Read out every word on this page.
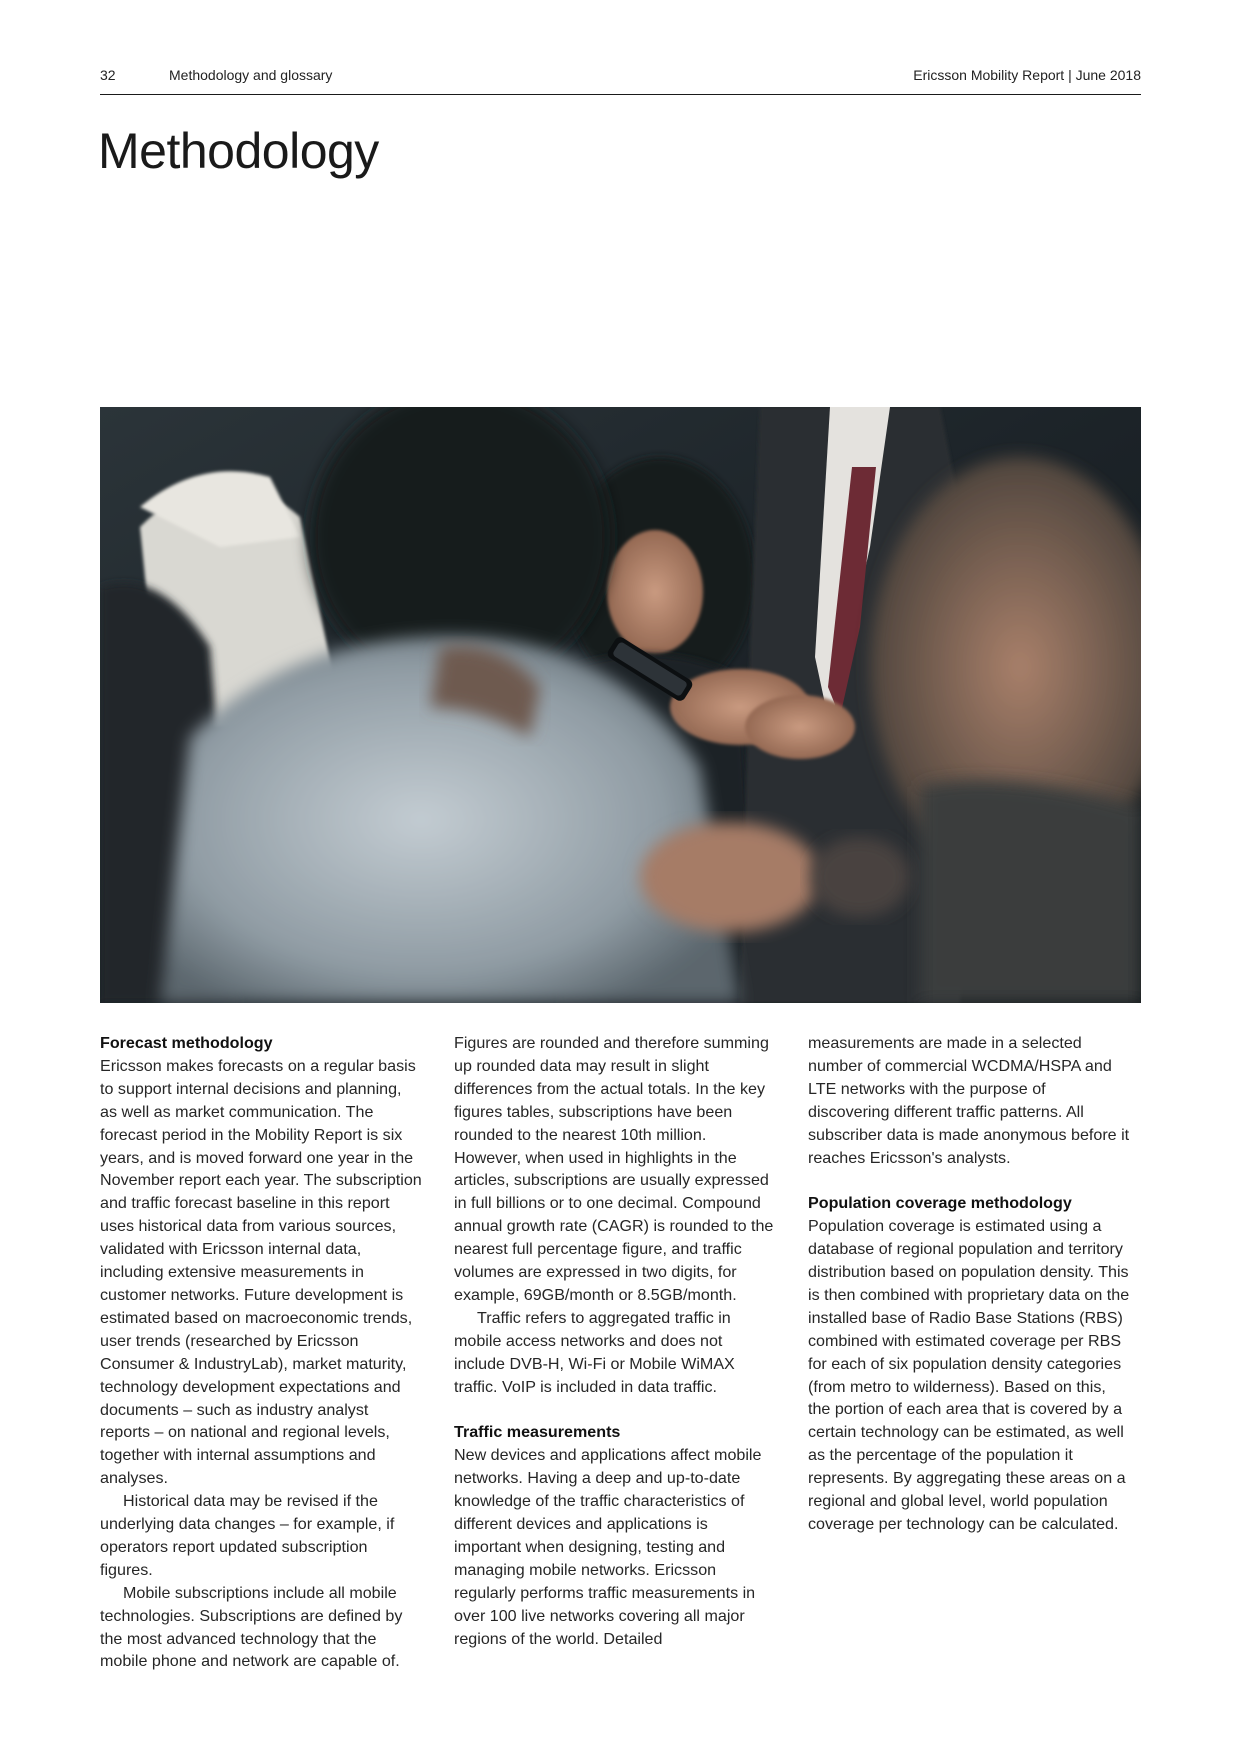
32	Methodology and glossary	Ericsson Mobility Report | June 2018
Methodology
Forecast methodology

Ericsson makes forecasts on a regular basis to support internal decisions and planning, as well as market communication. The forecast period in the Mobility Report is six years, and is moved forward one year in the November report each year. The subscription and traffic forecast baseline in this report uses historical data from various sources, validated with Ericsson internal data, including extensive measurements in customer networks. Future development is estimated based on macroeconomic trends, user trends (researched by Ericsson Consumer & IndustryLab), market maturity, technology development expectations and documents – such as industry analyst reports – on national and regional levels, together with internal assumptions and analyses.

Historical data may be revised if the underlying data changes – for example, if operators report updated subscription figures.

Mobile subscriptions include all mobile technologies. Subscriptions are defined by the most advanced technology that the mobile phone and network are capable of.

Figures are rounded and therefore summing up rounded data may result in slight differences from the actual totals. In the key figures tables, subscriptions have been rounded to the nearest 10th million. However, when used in highlights in the articles, subscriptions are usually expressed in full billions or to one decimal. Compound annual growth rate (CAGR) is rounded to the nearest full percentage figure, and traffic volumes are expressed in two digits, for example, 69GB/month or 8.5GB/month.

Traffic refers to aggregated traffic in mobile access networks and does not include DVB-H, Wi-Fi or Mobile WiMAX traffic. VoIP is included in data traffic.

Traffic measurements

New devices and applications affect mobile networks. Having a deep and up-to-date knowledge of the traffic characteristics of different devices and applications is important when designing, testing and managing mobile networks. Ericsson regularly performs traffic measurements in over 100 live networks covering all major regions of the world. Detailed

measurements are made in a selected number of commercial WCDMA/HSPA and LTE networks with the purpose of discovering different traffic patterns. All subscriber data is made anonymous before it reaches Ericsson's analysts.

Population coverage methodology

Population coverage is estimated using a database of regional population and territory distribution based on population density. This is then combined with proprietary data on the installed base of Radio Base Stations (RBS) combined with estimated coverage per RBS for each of six population density categories (from metro to wilderness). Based on this, the portion of each area that is covered by a certain technology can be estimated, as well as the percentage of the population it represents. By aggregating these areas on a regional and global level, world population coverage per technology can be calculated.
